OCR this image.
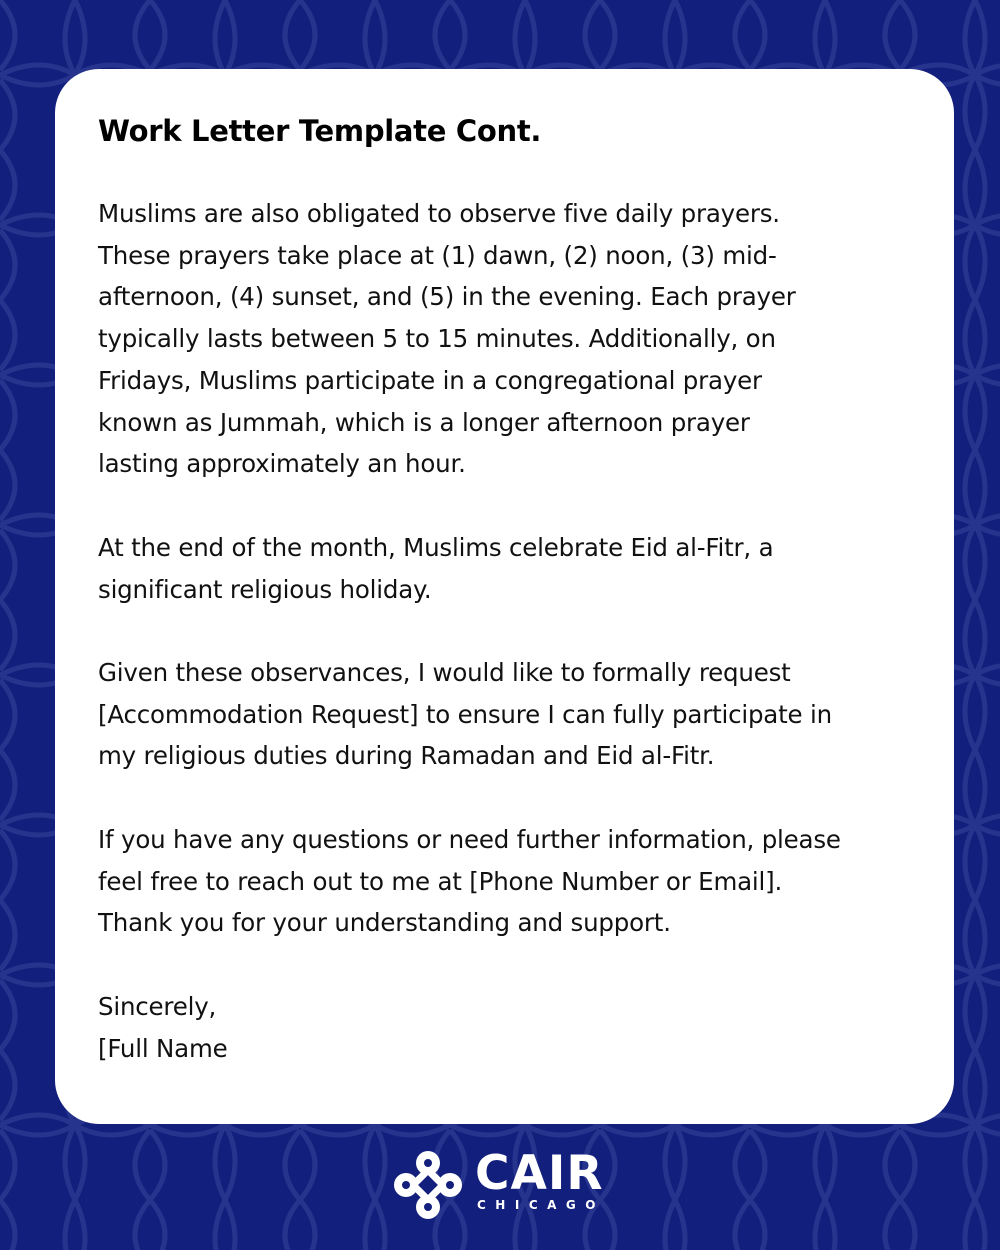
Work Letter Template Cont.

Muslims are also obligated to observe five daily prayers.
These prayers take place at (1) dawn, (2) noon, (3) mid-
afternoon, (4) sunset, and (5) in the evening. Each prayer
typically lasts between 5 to 15 minutes. Additionally, on
Fridays, Muslims participate in a congregational prayer
known as Jummah, which is a longer afternoon prayer
lasting approximately an hour.

At the end of the month, Muslims celebrate Eid al-Fitr, a
significant religious holiday.

Given these observances, I would like to formally request
[Accommodation Request] to ensure I can fully participate in
my religious duties during Ramadan and Eid al-Fitr.

If you have any questions or need further information, please
feel free to reach out to me at [Phone Number or Email].
Thank you for your understanding and support.

Sincerely,
[Full Name

CAIR
CHICAGO
